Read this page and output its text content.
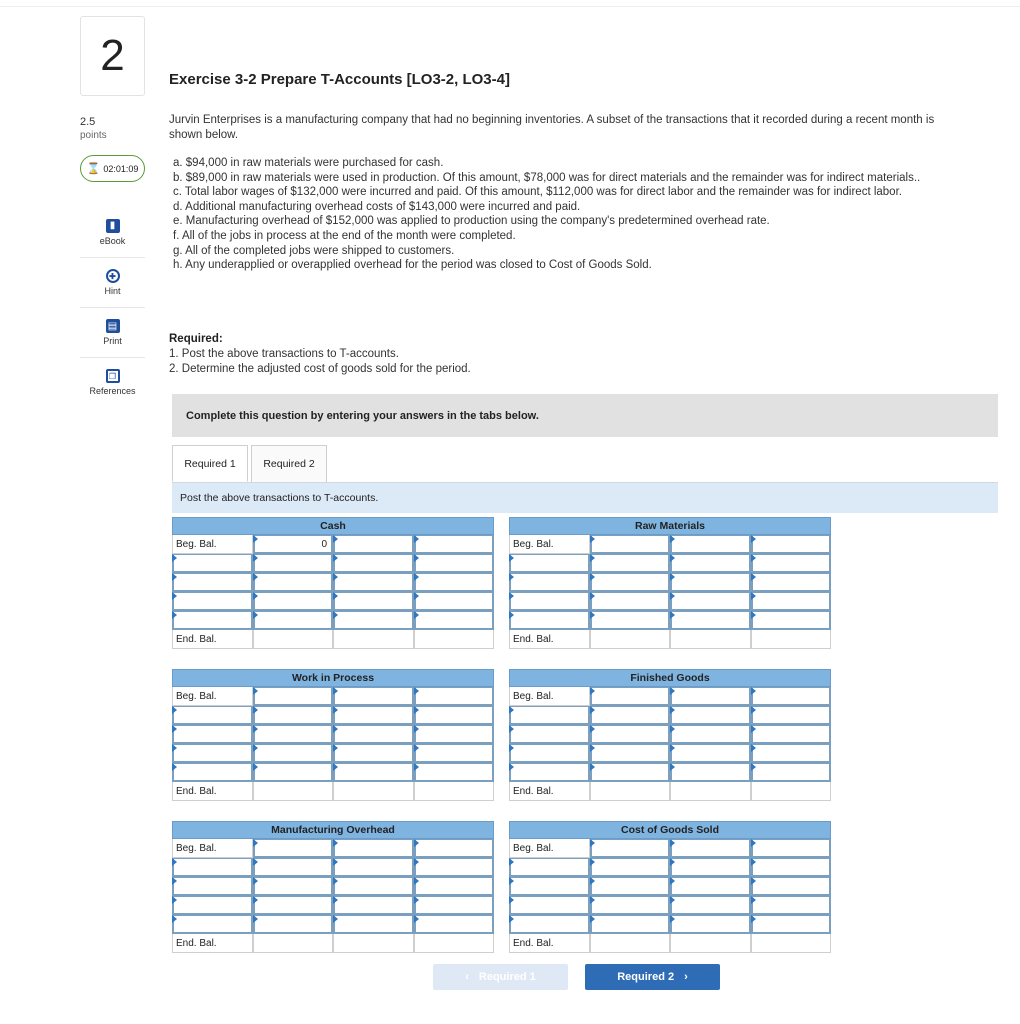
2
2.5
points
⌛ 02:01:09
▮
eBook
✚
Hint
▤
Print
❐
References
Exercise 3-2 Prepare T-Accounts [LO3-2, LO3-4]
Jurvin Enterprises is a manufacturing company that had no beginning inventories. A subset of the transactions that it recorded during a recent month is shown below.
a. $94,000 in raw materials were purchased for cash.
b. $89,000 in raw materials were used in production. Of this amount, $78,000 was for direct materials and the remainder was for indirect materials..
c. Total labor wages of $132,000 were incurred and paid. Of this amount, $112,000 was for direct labor and the remainder was for indirect labor.
d. Additional manufacturing overhead costs of $143,000 were incurred and paid.
e. Manufacturing overhead of $152,000 was applied to production using the company's predetermined overhead rate.
f. All of the jobs in process at the end of the month were completed.
g. All of the completed jobs were shipped to customers.
h. Any underapplied or overapplied overhead for the period was closed to Cost of Goods Sold.
Required:
1. Post the above transactions to T-accounts.
2. Determine the adjusted cost of goods sold for the period.
Complete this question by entering your answers in the tabs below.
Required 1	Required 2
Post the above transactions to T-accounts.
Cash
Beg. Bal.	0
End. Bal.
Raw Materials
Beg. Bal.
End. Bal.
Work in Process
Beg. Bal.
End. Bal.
Finished Goods
Beg. Bal.
End. Bal.
Manufacturing Overhead
Beg. Bal.
End. Bal.
Cost of Goods Sold
Beg. Bal.
End. Bal.
‹ Required 1	Required 2 ›
